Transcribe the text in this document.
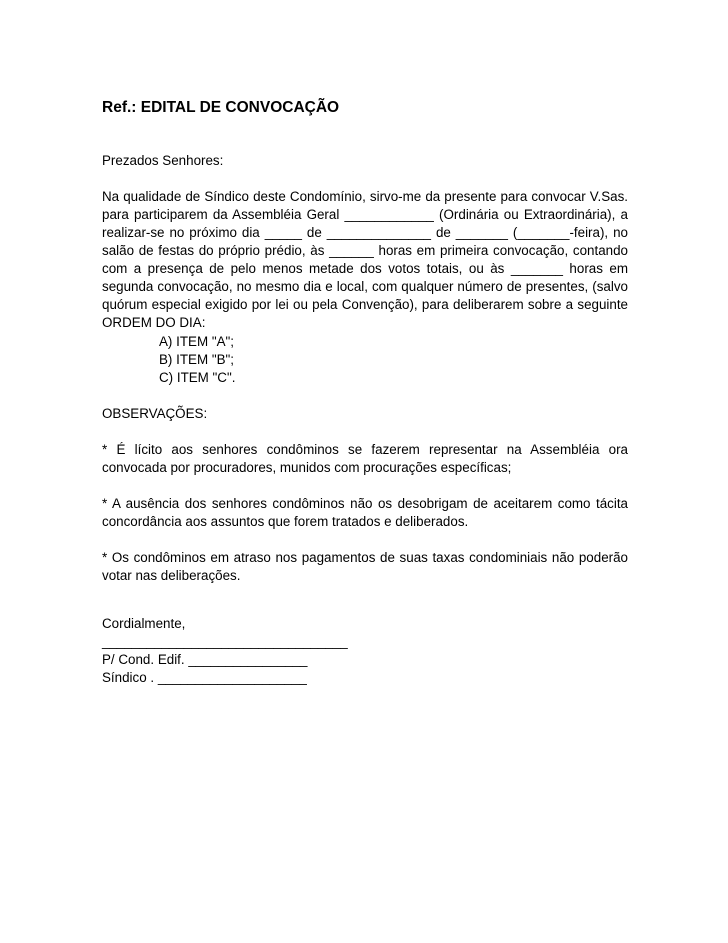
Ref.: EDITAL DE CONVOCAÇÃO

Prezados Senhores:

Na qualidade de Síndico deste Condomínio, sirvo-me da presente para convocar V.Sas. para participarem da Assembléia Geral ____________ (Ordinária ou Extraordinária), a realizar-se no próximo dia _____ de ______________ de _______ (_______-feira), no salão de festas do próprio prédio, às ______ horas em primeira convocação, contando com a presença de pelo menos metade dos votos totais, ou às _______ horas em segunda convocação, no mesmo dia e local, com qualquer número de presentes, (salvo quórum especial exigido por lei ou pela Convenção), para deliberarem sobre a seguinte ORDEM DO DIA:

A) ITEM "A";
B) ITEM "B";
C) ITEM "C".

OBSERVAÇÕES:

* É lícito aos senhores condôminos se fazerem representar na Assembléia ora convocada por procuradores, munidos com procurações específicas;

* A ausência dos senhores condôminos não os desobrigam de aceitarem como tácita concordância aos assuntos que forem tratados e deliberados.

* Os condôminos em atraso nos pagamentos de suas taxas condominiais não poderão votar nas deliberações.

Cordialmente,
_________________________________
P/ Cond. Edif. ________________
Síndico . ____________________
